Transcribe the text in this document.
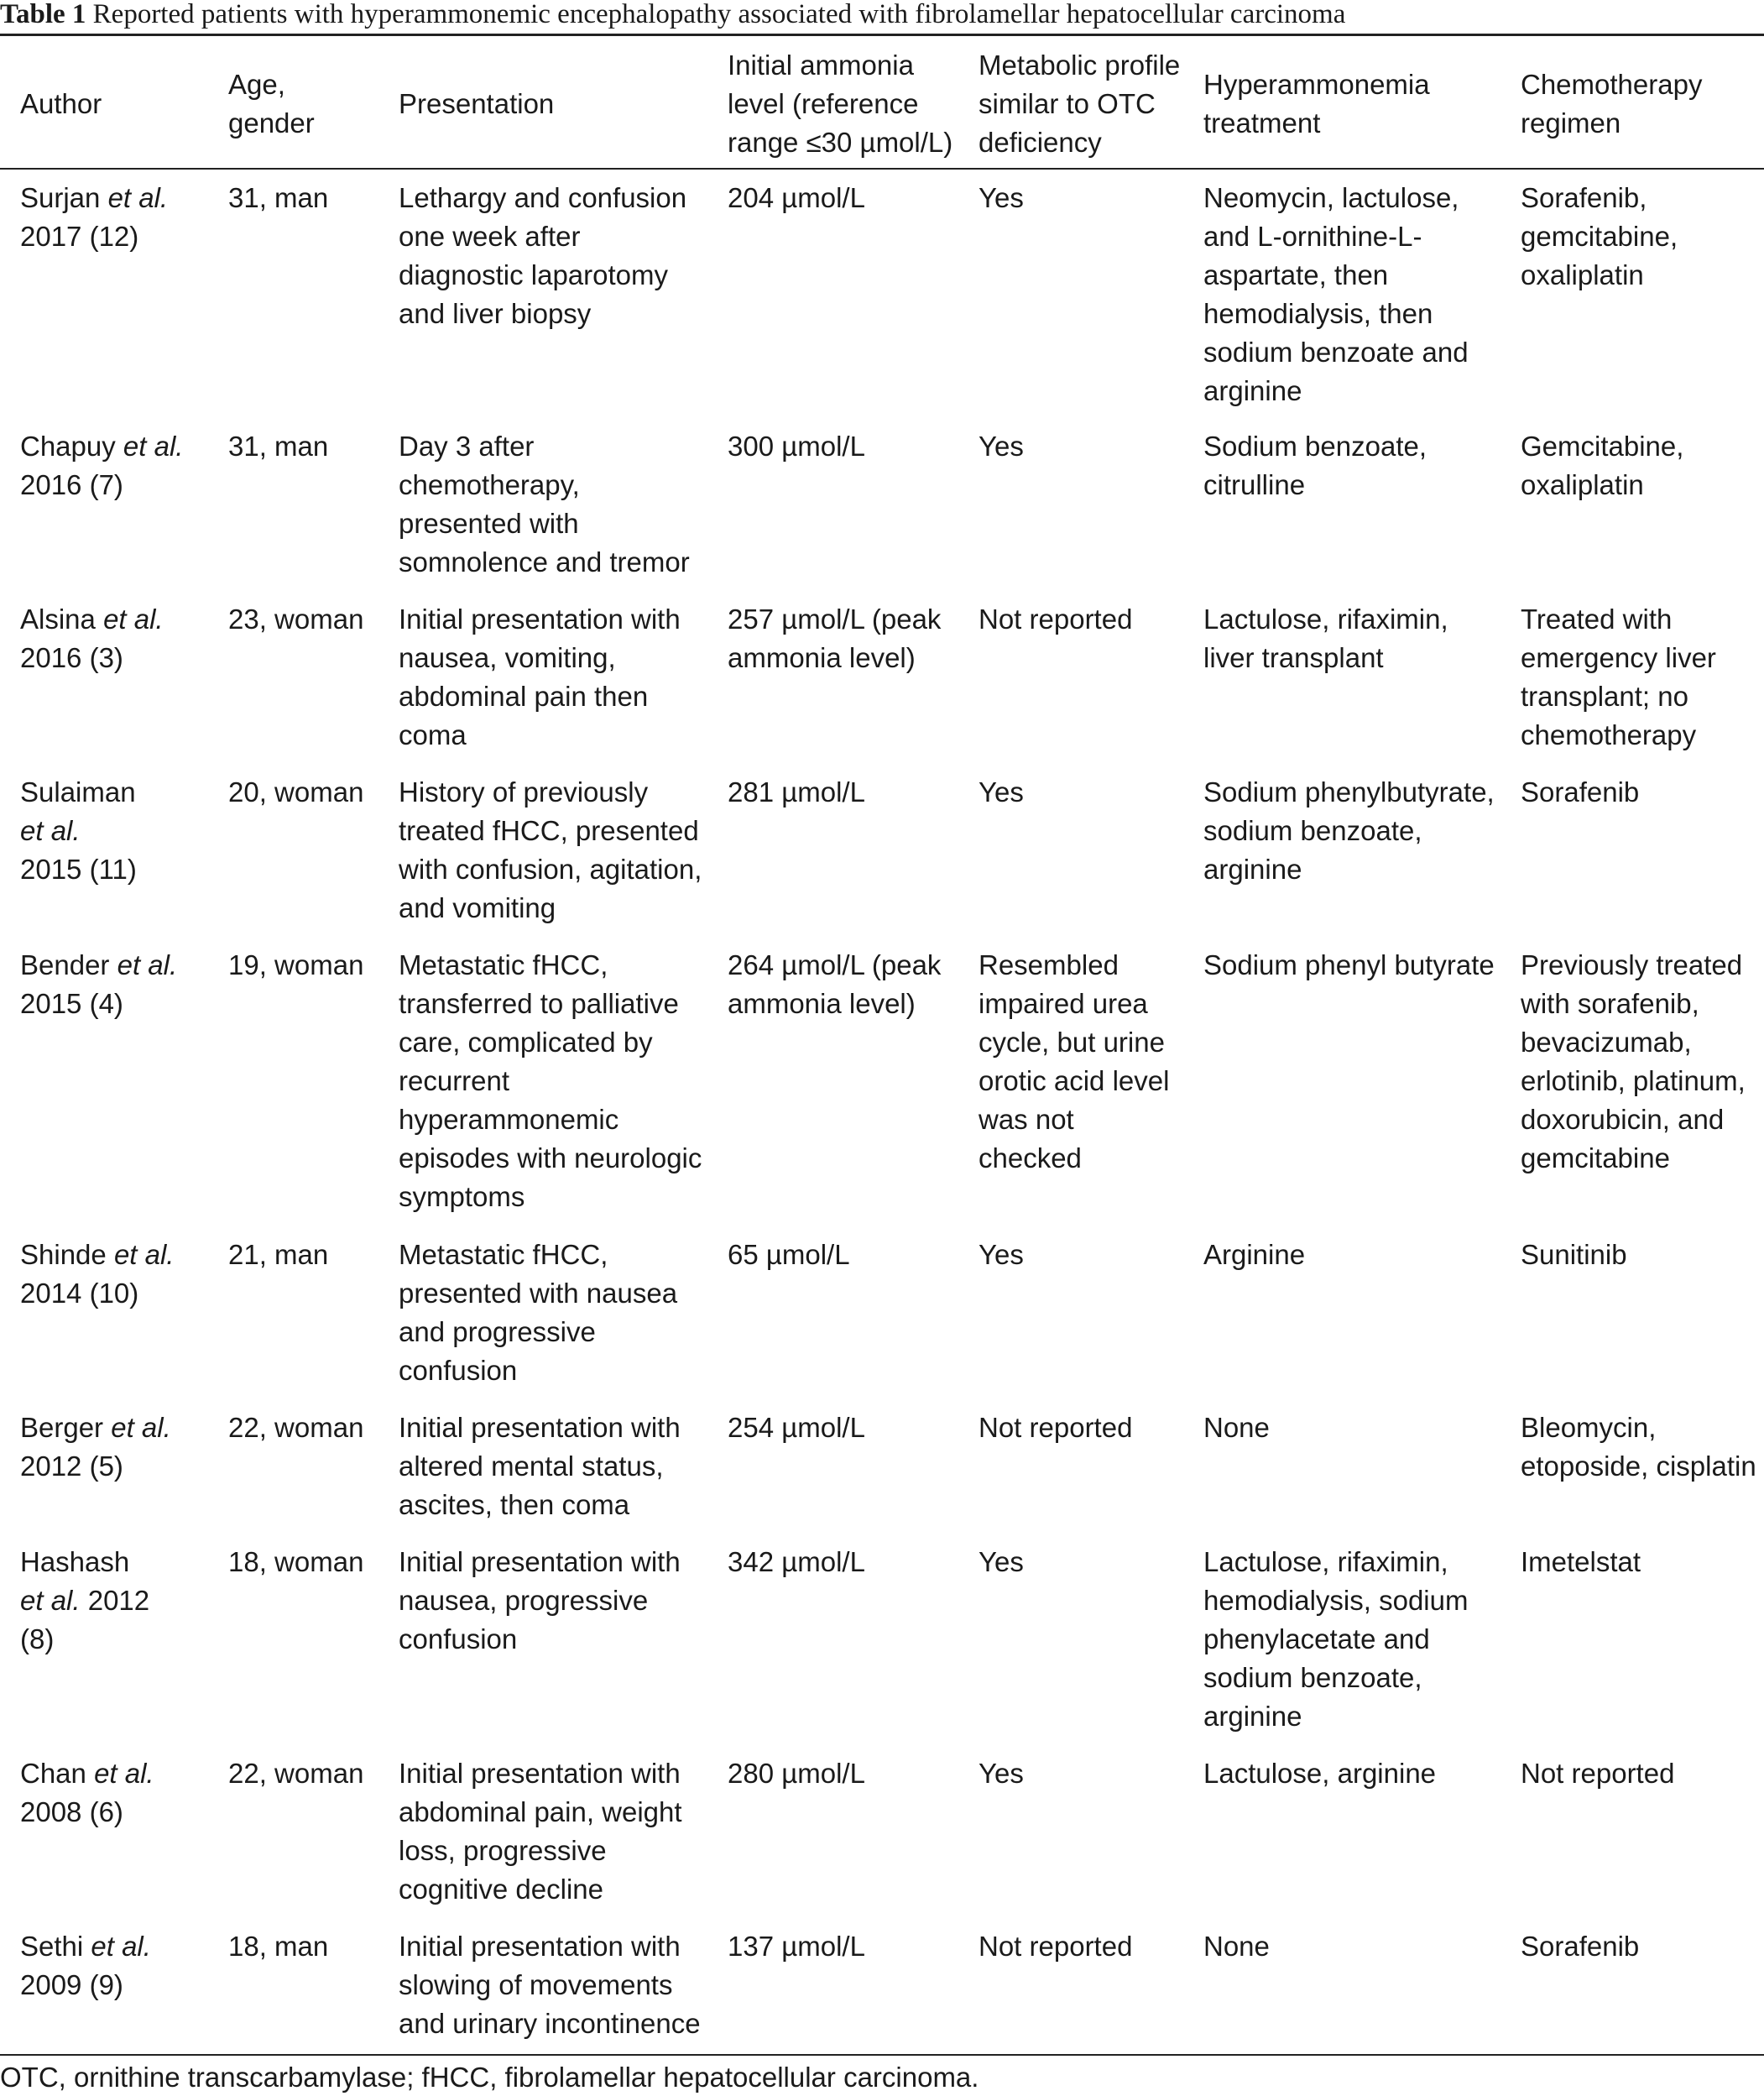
Table 1 Reported patients with hyperammonemic encephalopathy associated with fibrolamellar hepatocellular carcinoma
Author	Age, gender	Presentation	Initial ammonia level (reference range ≤30 µmol/L)	Metabolic profile similar to OTC deficiency	Hyperammonemia treatment	Chemotherapy regimen

Surjan et al. 2017 (12)	31, man	Lethargy and confusion one week after diagnostic laparotomy and liver biopsy	204 µmol/L	Yes	Neomycin, lactulose, and L-ornithine-L-aspartate, then hemodialysis, then sodium benzoate and arginine	Sorafenib, gemcitabine, oxaliplatin

Chapuy et al. 2016 (7)	31, man	Day 3 after chemotherapy, presented with somnolence and tremor	300 µmol/L	Yes	Sodium benzoate, citrulline	Gemcitabine, oxaliplatin

Alsina et al. 2016 (3)	23, woman	Initial presentation with nausea, vomiting, abdominal pain then coma	257 µmol/L (peak ammonia level)	Not reported	Lactulose, rifaximin, liver transplant	Treated with emergency liver transplant; no chemotherapy

Sulaiman et al. 2015 (11)	20, woman	History of previously treated fHCC, presented with confusion, agitation, and vomiting	281 µmol/L	Yes	Sodium phenylbutyrate, sodium benzoate, arginine	Sorafenib

Bender et al. 2015 (4)	19, woman	Metastatic fHCC, transferred to palliative care, complicated by recurrent hyperammonemic episodes with neurologic symptoms	264 µmol/L (peak ammonia level)	Resembled impaired urea cycle, but urine orotic acid level was not checked	Sodium phenyl butyrate	Previously treated with sorafenib, bevacizumab, erlotinib, platinum, doxorubicin, and gemcitabine

Shinde et al. 2014 (10)	21, man	Metastatic fHCC, presented with nausea and progressive confusion	65 µmol/L	Yes	Arginine	Sunitinib

Berger et al. 2012 (5)	22, woman	Initial presentation with altered mental status, ascites, then coma	254 µmol/L	Not reported	None	Bleomycin, etoposide, cisplatin

Hashash et al. 2012 (8)	18, woman	Initial presentation with nausea, progressive confusion	342 µmol/L	Yes	Lactulose, rifaximin, hemodialysis, sodium phenylacetate and sodium benzoate, arginine	Imetelstat

Chan et al. 2008 (6)	22, woman	Initial presentation with abdominal pain, weight loss, progressive cognitive decline	280 µmol/L	Yes	Lactulose, arginine	Not reported

Sethi et al. 2009 (9)	18, man	Initial presentation with slowing of movements and urinary incontinence	137 µmol/L	Not reported	None	Sorafenib
OTC, ornithine transcarbamylase; fHCC, fibrolamellar hepatocellular carcinoma.
